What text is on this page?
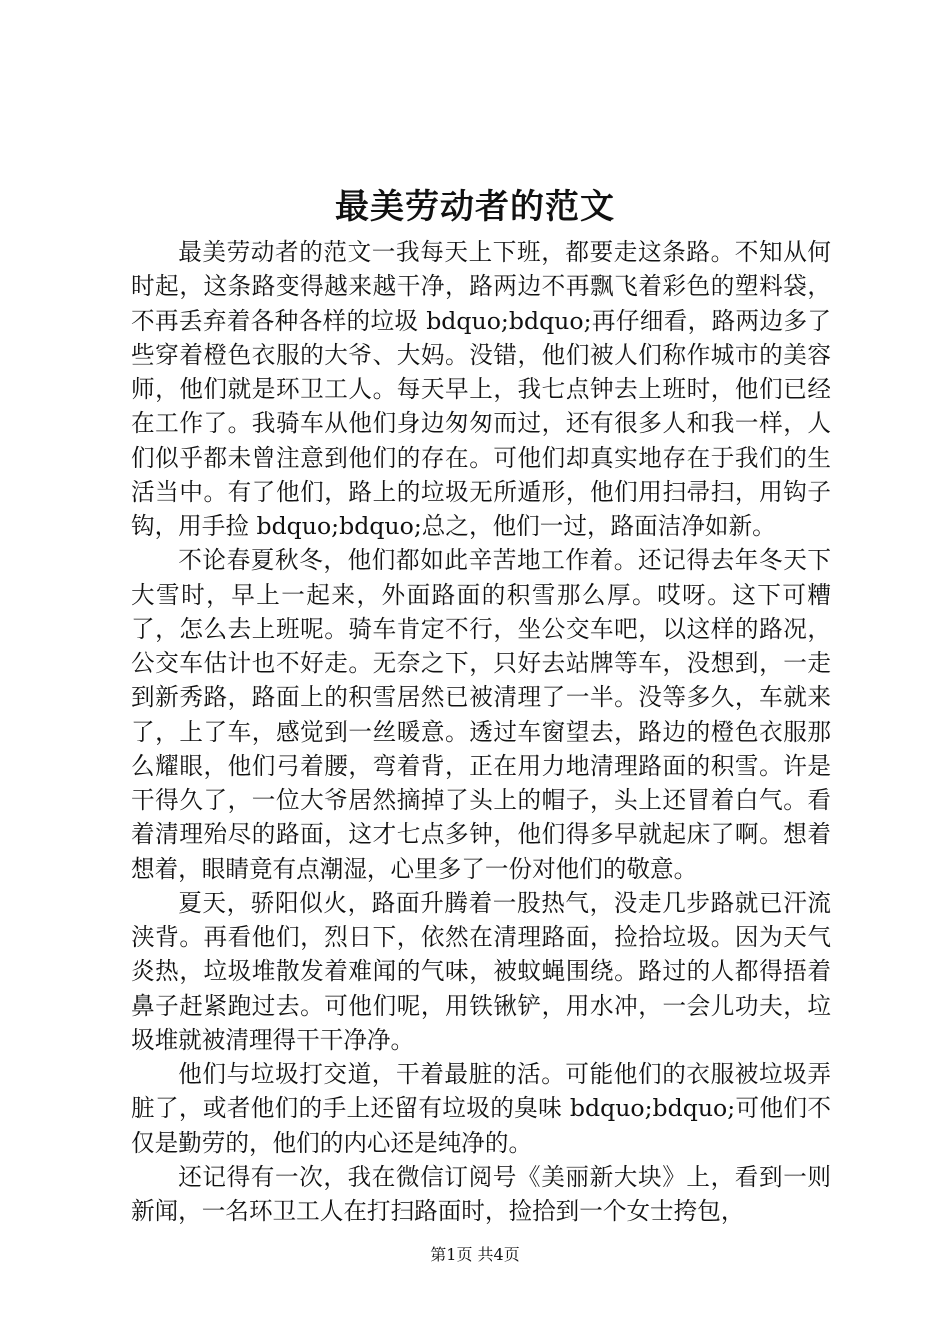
最美劳动者的范文

最美劳动者的范文一我每天上下班，都要走这条路。不知从何时起，这条路变得越来越干净，路两边不再飘飞着彩色的塑料袋，不再丢弃着各种各样的垃圾 bdquo;bdquo;再仔细看，路两边多了些穿着橙色衣服的大爷、大妈。没错，他们被人们称作城市的美容师，他们就是环卫工人。每天早上，我七点钟去上班时，他们已经在工作了。我骑车从他们身边匆匆而过，还有很多人和我一样，人们似乎都未曾注意到他们的存在。可他们却真实地存在于我们的生活当中。有了他们，路上的垃圾无所遁形，他们用扫帚扫，用钩子钩，用手捡 bdquo;bdquo;总之，他们一过，路面洁净如新。

不论春夏秋冬，他们都如此辛苦地工作着。还记得去年冬天下大雪时，早上一起来，外面路面的积雪那么厚。哎呀。这下可糟了，怎么去上班呢。骑车肯定不行，坐公交车吧，以这样的路况，公交车估计也不好走。无奈之下，只好去站牌等车，没想到，一走到新秀路，路面上的积雪居然已被清理了一半。没等多久，车就来了，上了车，感觉到一丝暖意。透过车窗望去，路边的橙色衣服那么耀眼，他们弓着腰，弯着背，正在用力地清理路面的积雪。许是干得久了，一位大爷居然摘掉了头上的帽子，头上还冒着白气。看着清理殆尽的路面，这才七点多钟，他们得多早就起床了啊。想着想着，眼睛竟有点潮湿，心里多了一份对他们的敬意。

夏天，骄阳似火，路面升腾着一股热气，没走几步路就已汗流浃背。再看他们，烈日下，依然在清理路面，捡拾垃圾。因为天气炎热，垃圾堆散发着难闻的气味，被蚊蝇围绕。路过的人都得捂着鼻子赶紧跑过去。可他们呢，用铁锹铲，用水冲，一会儿功夫，垃圾堆就被清理得干干净净。

他们与垃圾打交道，干着最脏的活。可能他们的衣服被垃圾弄脏了，或者他们的手上还留有垃圾的臭味 bdquo;bdquo;可他们不仅是勤劳的，他们的内心还是纯净的。

还记得有一次，我在微信订阅号《美丽新大块》上，看到一则新闻，一名环卫工人在打扫路面时，捡拾到一个女士挎包，

第1页 共4页
